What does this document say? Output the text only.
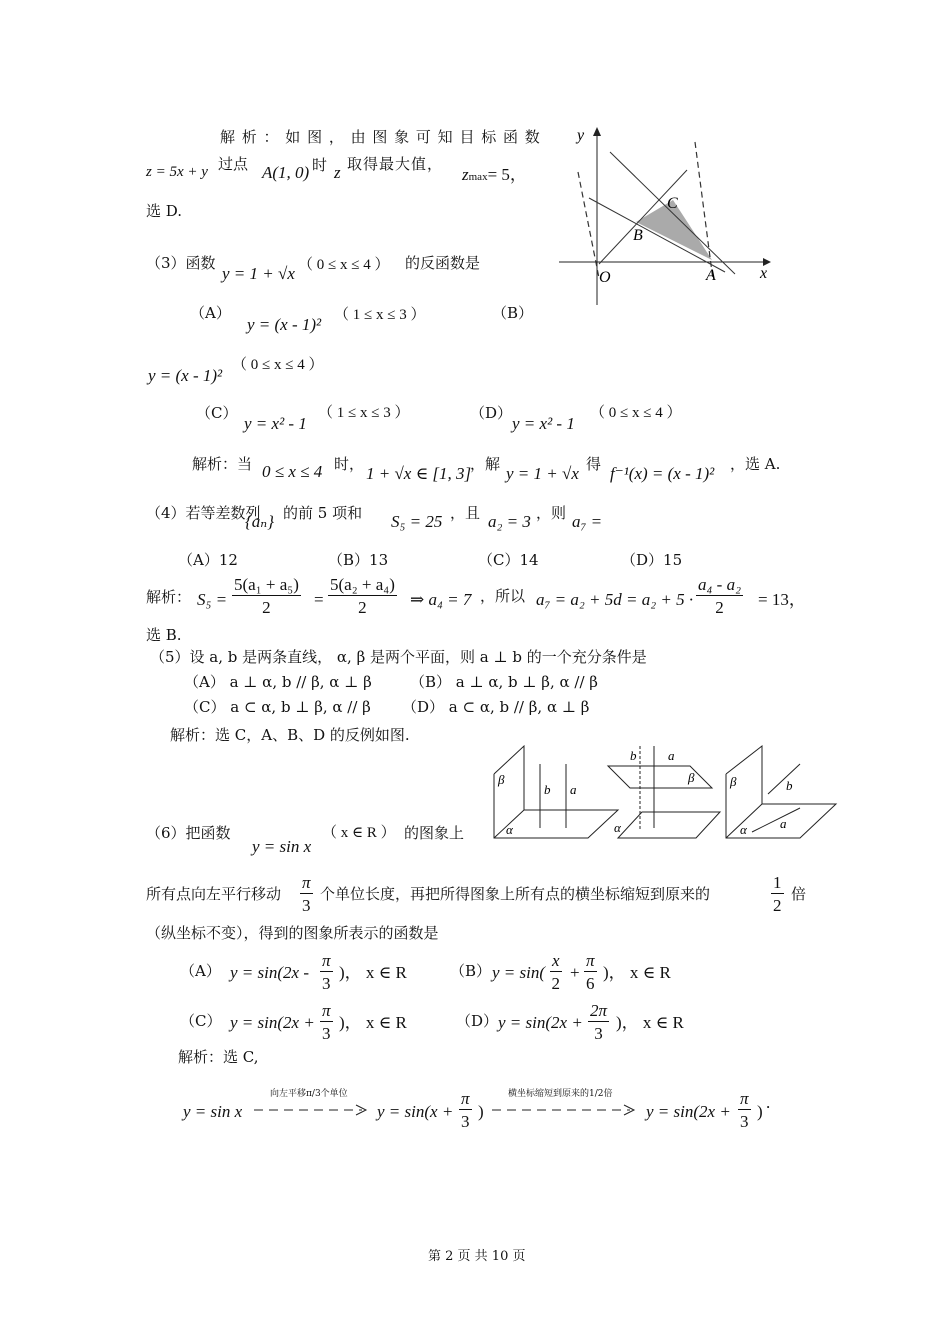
解 析 ： 如 图 ， 由 图 象 可 知 目 标 函 数
z = 5x + y 过点 A(1, 0) 时 z 取得最大值，
zmax= 5，
选 D.
y
x
O	A
B
C
（3）函数
y = 1 + √x （ 0 ≤ x ≤ 4 ） 的反函数是
（A）
y = (x - 1)² （ 1 ≤ x ≤ 3 ）	（B）
y = (x - 1)²
（ 0 ≤ x ≤ 4 ）
（C）
y = x² - 1
（ 1 ≤ x ≤ 3 ）	（D）
y = x² - 1
（ 0 ≤ x ≤ 4 ）
解析：当 0 ≤ x ≤ 4 时， 1 + √x ∈ [1, 3]
，解 y = 1 + √x 得 f⁻¹(x) = (x - 1)² ，选 A.
（4）若等差数列
{aₙ} 的前 5 项和 S₅ = 25 ，且 a₂ = 3 ，则 a₇ =
（A）12	（B）13	（C）14	（D）15
解析： $S_5 = \frac{\text{5(a₁ + a₅)}}{2} = \frac{\text{5(a₂ + a₄)}}{2}$ ⇒ a₄ = 7 ，所以 $a_7 = a_2 + 5d = a_2 + 5 \cdot \frac{\text{a₄ - a₂}}{2} = 13$，
选 B.
（5）设 a, b 是两条直线， α, β 是两个平面，则 a ⊥ b 的一个充分条件是
（A） a ⊥ α, b // β, α ⊥ β	（B） a ⊥ α, b ⊥ β, α // β
（C） a ⊂ α, b ⊥ β, α // β （D） a ⊂ α, b // β, α ⊥ β
解析：选 C，A、B、D 的反例如图.
β
α
b a
α
β
b a
β
α
b
a
（6）把函数
y = sin x
（ x ∈ R ） 的图象上
所有点向左平行移动 $\frac{\pi}{3}$ 个单位长度，再把所得图象上所有点的横坐标缩短到原来的	$\frac{1}{2}$ 倍
（纵坐标不变），得到的图象所表示的函数是
（A） $y = \sin(2x - \frac{\pi}{3}$ )， x ∈ R	（B） $y = \sin( \frac{x}{2} + \frac{\pi}{6}$ )， x ∈ R
（C） $y = \sin(2x + \frac{\pi}{3}$ )， x ∈ R	（D） $y = \sin(2x + \frac{2\pi}{3}$ )， x ∈ R
解析：选 C,
y = sin x
向左平移π/3个单位
$y = \sin(x + \frac{\pi}{3}$ )
横坐标缩短到原来的1/2倍
$y = \sin(2x + \frac{\pi}{3}$ ) .
第 2 页 共 10 页
